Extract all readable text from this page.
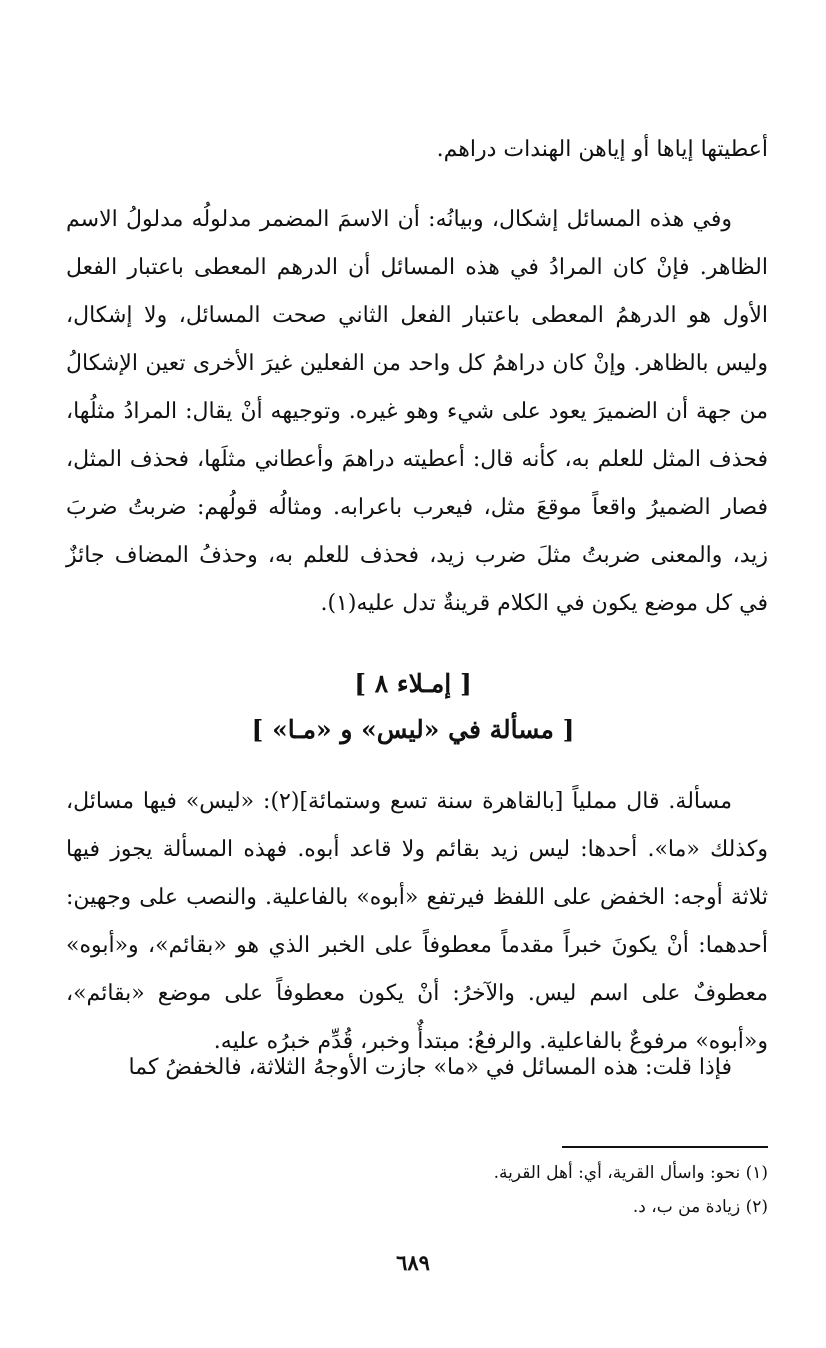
أعطيتها إياها أو إياهن الهندات دراهم.

وفي هذه المسائل إشكال، وبيانُه: أن الاسمَ المضمر مدلولُه مدلولُ الاسم الظاهر. فإنْ كان المرادُ في هذه المسائل أن الدرهم المعطى باعتبار الفعل الأول هو الدرهمُ المعطى باعتبار الفعل الثاني صحت المسائل، ولا إشكال، وليس بالظاهر. وإنْ كان دراهمُ كل واحد من الفعلين غيرَ الأخرى تعين الإشكالُ من جهة أن الضميرَ يعود على شيء وهو غيره. وتوجيهه أنْ يقال: المرادُ مثلُها، فحذف المثل للعلم به، كأنه قال: أعطيته دراهمَ وأعطاني مثلَها، فحذف المثل، فصار الضميرُ واقعاً موقعَ مثل، فيعرب باعرابه. ومثالُه قولُهم: ضربتُ ضربَ زيد، والمعنى ضربتُ مثلَ ضرب زيد، فحذف للعلم به، وحذفُ المضاف جائزٌ في كل موضع يكون في الكلام قرينةٌ تدل عليه(١).

[ إمـلاء ٨ ]
[ مسألة في «ليس» و «مـا» ]

مسألة. قال مملياً [بالقاهرة سنة تسع وستمائة](٢): «ليس» فيها مسائل، وكذلك «ما». أحدها: ليس زيد بقائم ولا قاعد أبوه. فهذه المسألة يجوز فيها ثلاثة أوجه: الخفض على اللفظ فيرتفع «أبوه» بالفاعلية. والنصب على وجهين: أحدهما: أنْ يكونَ خبراً مقدماً معطوفاً على الخبر الذي هو «بقائم»، و«أبوه» معطوفٌ على اسم ليس. والآخرُ: أنْ يكون معطوفاً على موضع «بقائم»، و«أبوه» مرفوعٌ بالفاعلية. والرفعُ: مبتدأٌ وخبر، قُدِّم خبرُه عليه.

فإذا قلت: هذه المسائل في «ما» جازت الأوجهُ الثلاثة، فالخفضُ كما

(١) نحو: واسأل القرية، أي: أهل القرية.

(٢) زيادة من ب، د.

٦٨٩
